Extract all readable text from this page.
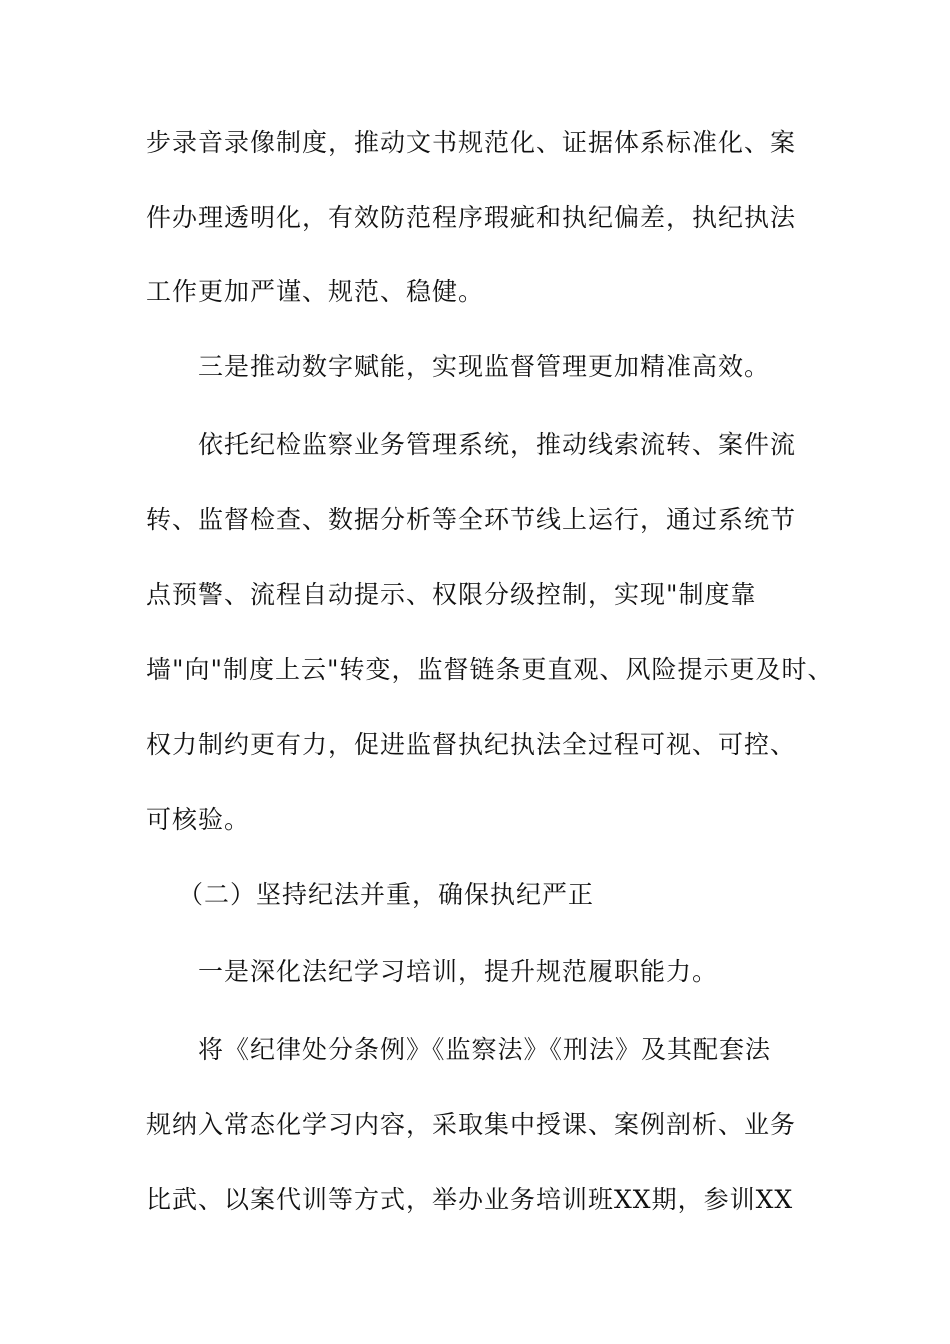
步录音录像制度，推动文书规范化、证据体系标准化、案
件办理透明化，有效防范程序瑕疵和执纪偏差，执纪执法
工作更加严谨、规范、稳健。
三是推动数字赋能，实现监督管理更加精准高效。
依托纪检监察业务管理系统，推动线索流转、案件流
转、监督检查、数据分析等全环节线上运行，通过系统节
点预警、流程自动提示、权限分级控制，实现"制度靠
墙"向"制度上云"转变，监督链条更直观、风险提示更及时、
权力制约更有力，促进监督执纪执法全过程可视、可控、
可核验。
（二）坚持纪法并重，确保执纪严正
一是深化法纪学习培训，提升规范履职能力。
将《纪律处分条例》《监察法》《刑法》及其配套法
规纳入常态化学习内容，采取集中授课、案例剖析、业务
比武、以案代训等方式，举办业务培训班XX期，参训XX
